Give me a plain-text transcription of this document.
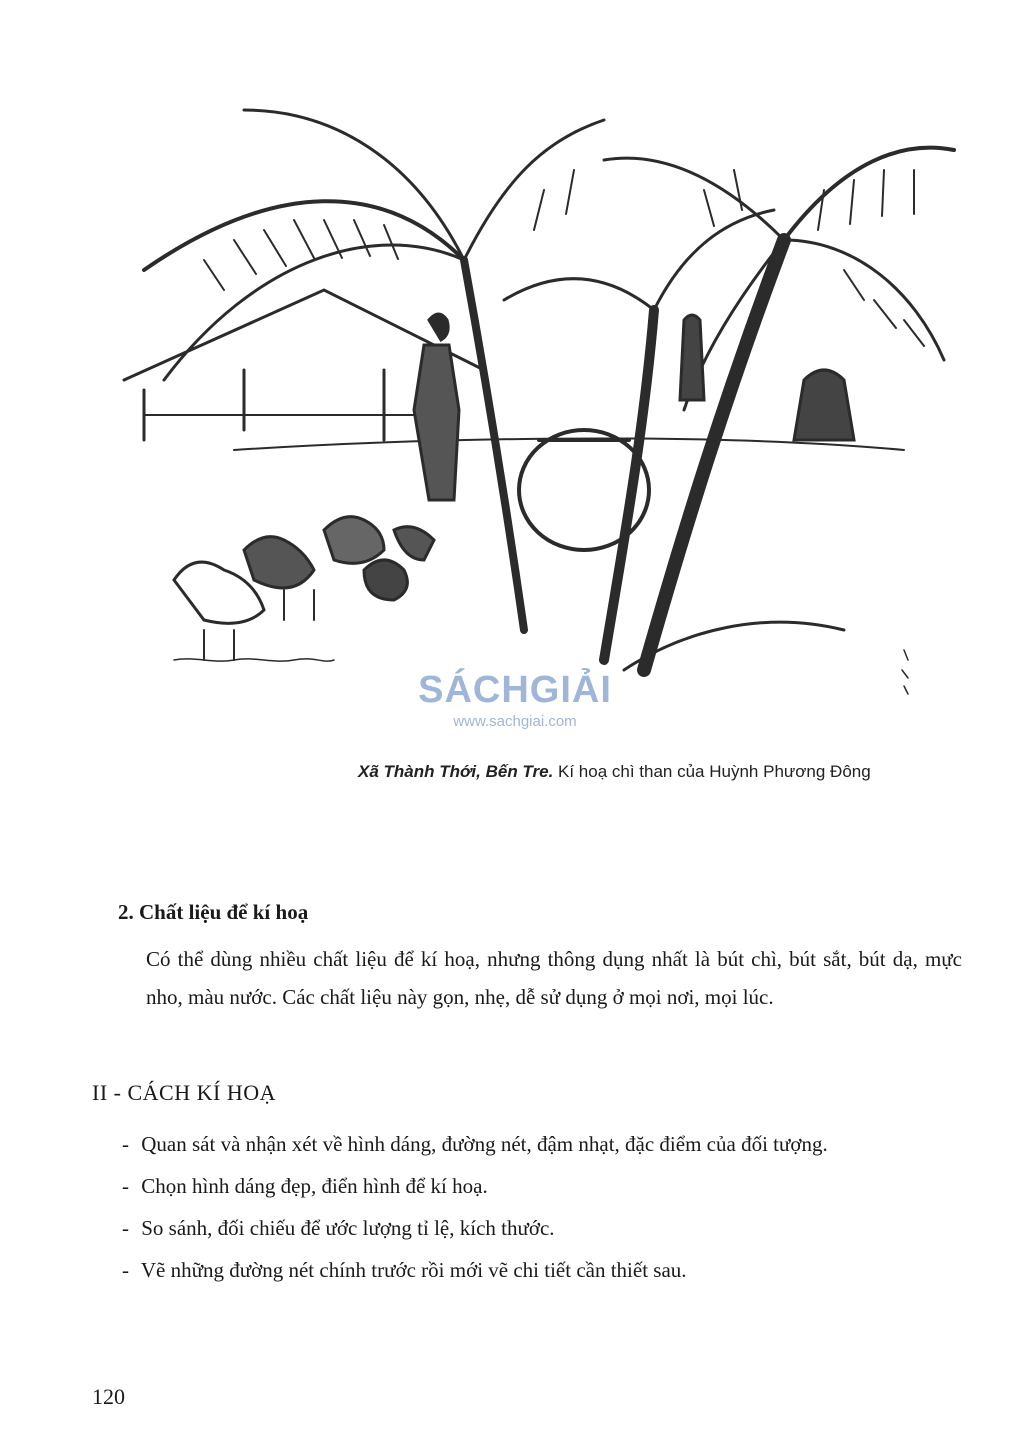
SÁCHGIẢI
www.sachgiai.com
Xã Thành Thới, Bến Tre. Kí hoạ chì than của Huỳnh Phương Đông
2. Chất liệu để kí hoạ
Có thể dùng nhiều chất liệu để kí hoạ, nhưng thông dụng nhất là bút chì, bút sắt, bút dạ, mực nho, màu nước. Các chất liệu này gọn, nhẹ, dễ sử dụng ở mọi nơi, mọi lúc.
II - CÁCH KÍ HOẠ
- Quan sát và nhận xét về hình dáng, đường nét, đậm nhạt, đặc điểm của đối tượng.
- Chọn hình dáng đẹp, điển hình để kí hoạ.
- So sánh, đối chiếu để ước lượng tỉ lệ, kích thước.
- Vẽ những đường nét chính trước rồi mới vẽ chi tiết cần thiết sau.
120
